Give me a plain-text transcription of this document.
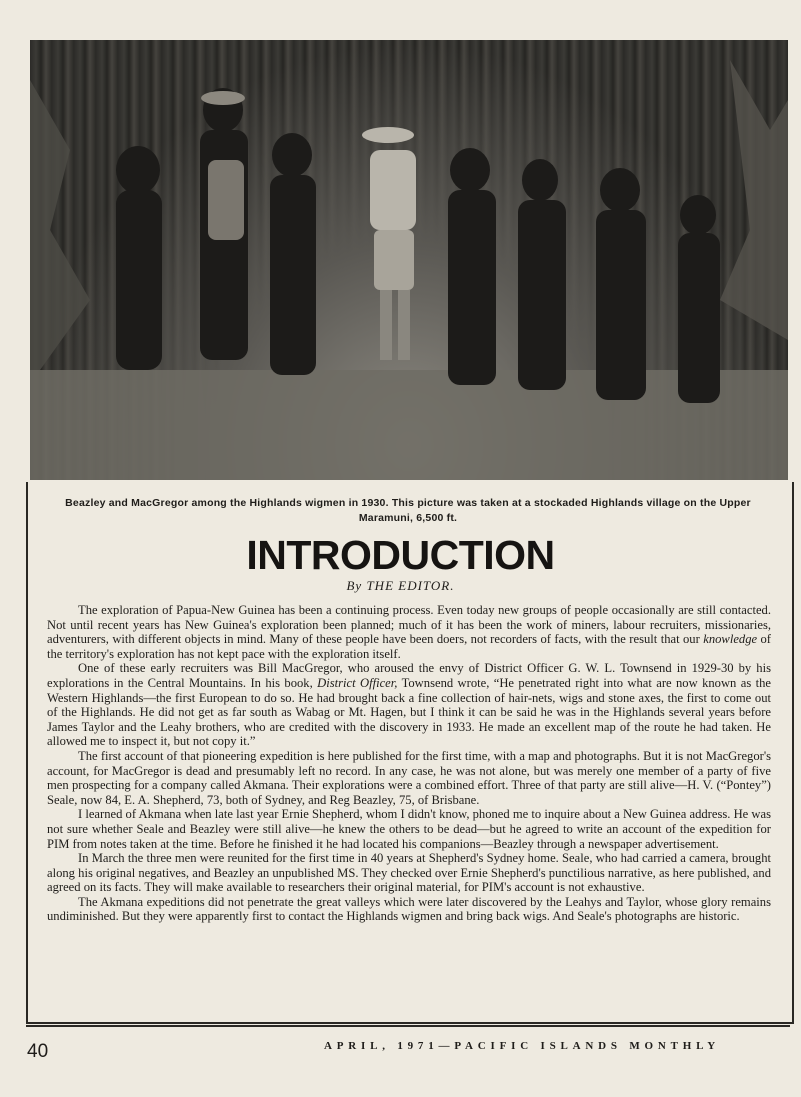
Beazley and MacGregor among the Highlands wigmen in 1930. This picture was taken at a stockaded Highlands village on the Upper Maramuni, 6,500 ft.
INTRODUCTION
By THE EDITOR.

The exploration of Papua-New Guinea has been a continuing process. Even today new groups of people occasionally are still contacted. Not until recent years has New Guinea's exploration been planned; much of it has been the work of miners, labour recruiters, missionaries, adventurers, with different objects in mind. Many of these people have been doers, not recorders of facts, with the result that our knowledge of the territory's exploration has not kept pace with the exploration itself.

One of these early recruiters was Bill MacGregor, who aroused the envy of District Officer G. W. L. Townsend in 1929-30 by his explorations in the Central Mountains. In his book, District Officer, Townsend wrote, “He penetrated right into what are now known as the Western Highlands—the first European to do so. He had brought back a fine collection of hair-nets, wigs and stone axes, the first to come out of the Highlands. He did not get as far south as Wabag or Mt. Hagen, but I think it can be said he was in the Highlands several years before James Taylor and the Leahy brothers, who are credited with the discovery in 1933. He made an excellent map of the route he had taken. He allowed me to inspect it, but not copy it.”

The first account of that pioneering expedition is here published for the first time, with a map and photographs. But it is not MacGregor's account, for MacGregor is dead and presumably left no record. In any case, he was not alone, but was merely one member of a party of five men prospecting for a company called Akmana. Their explorations were a combined effort. Three of that party are still alive—H. V. (“Pontey”) Seale, now 84, E. A. Shepherd, 73, both of Sydney, and Reg Beazley, 75, of Brisbane.

I learned of Akmana when late last year Ernie Shepherd, whom I didn't know, phoned me to inquire about a New Guinea address. He was not sure whether Seale and Beazley were still alive—he knew the others to be dead—but he agreed to write an account of the expedition for PIM from notes taken at the time. Before he finished it he had located his companions—Beazley through a newspaper advertisement.

In March the three men were reunited for the first time in 40 years at Shepherd's Sydney home. Seale, who had carried a camera, brought along his original negatives, and Beazley an unpublished MS. They checked over Ernie Shepherd's punctilious narrative, as here published, and agreed on its facts. They will make available to researchers their original material, for PIM's account is not exhaustive.

The Akmana expeditions did not penetrate the great valleys which were later discovered by the Leahys and Taylor, whose glory remains undiminished. But they were apparently first to contact the Highlands wigmen and bring back wigs. And Seale's photographs are historic.

40	APRIL, 1971—PACIFIC ISLANDS MONTHLY
